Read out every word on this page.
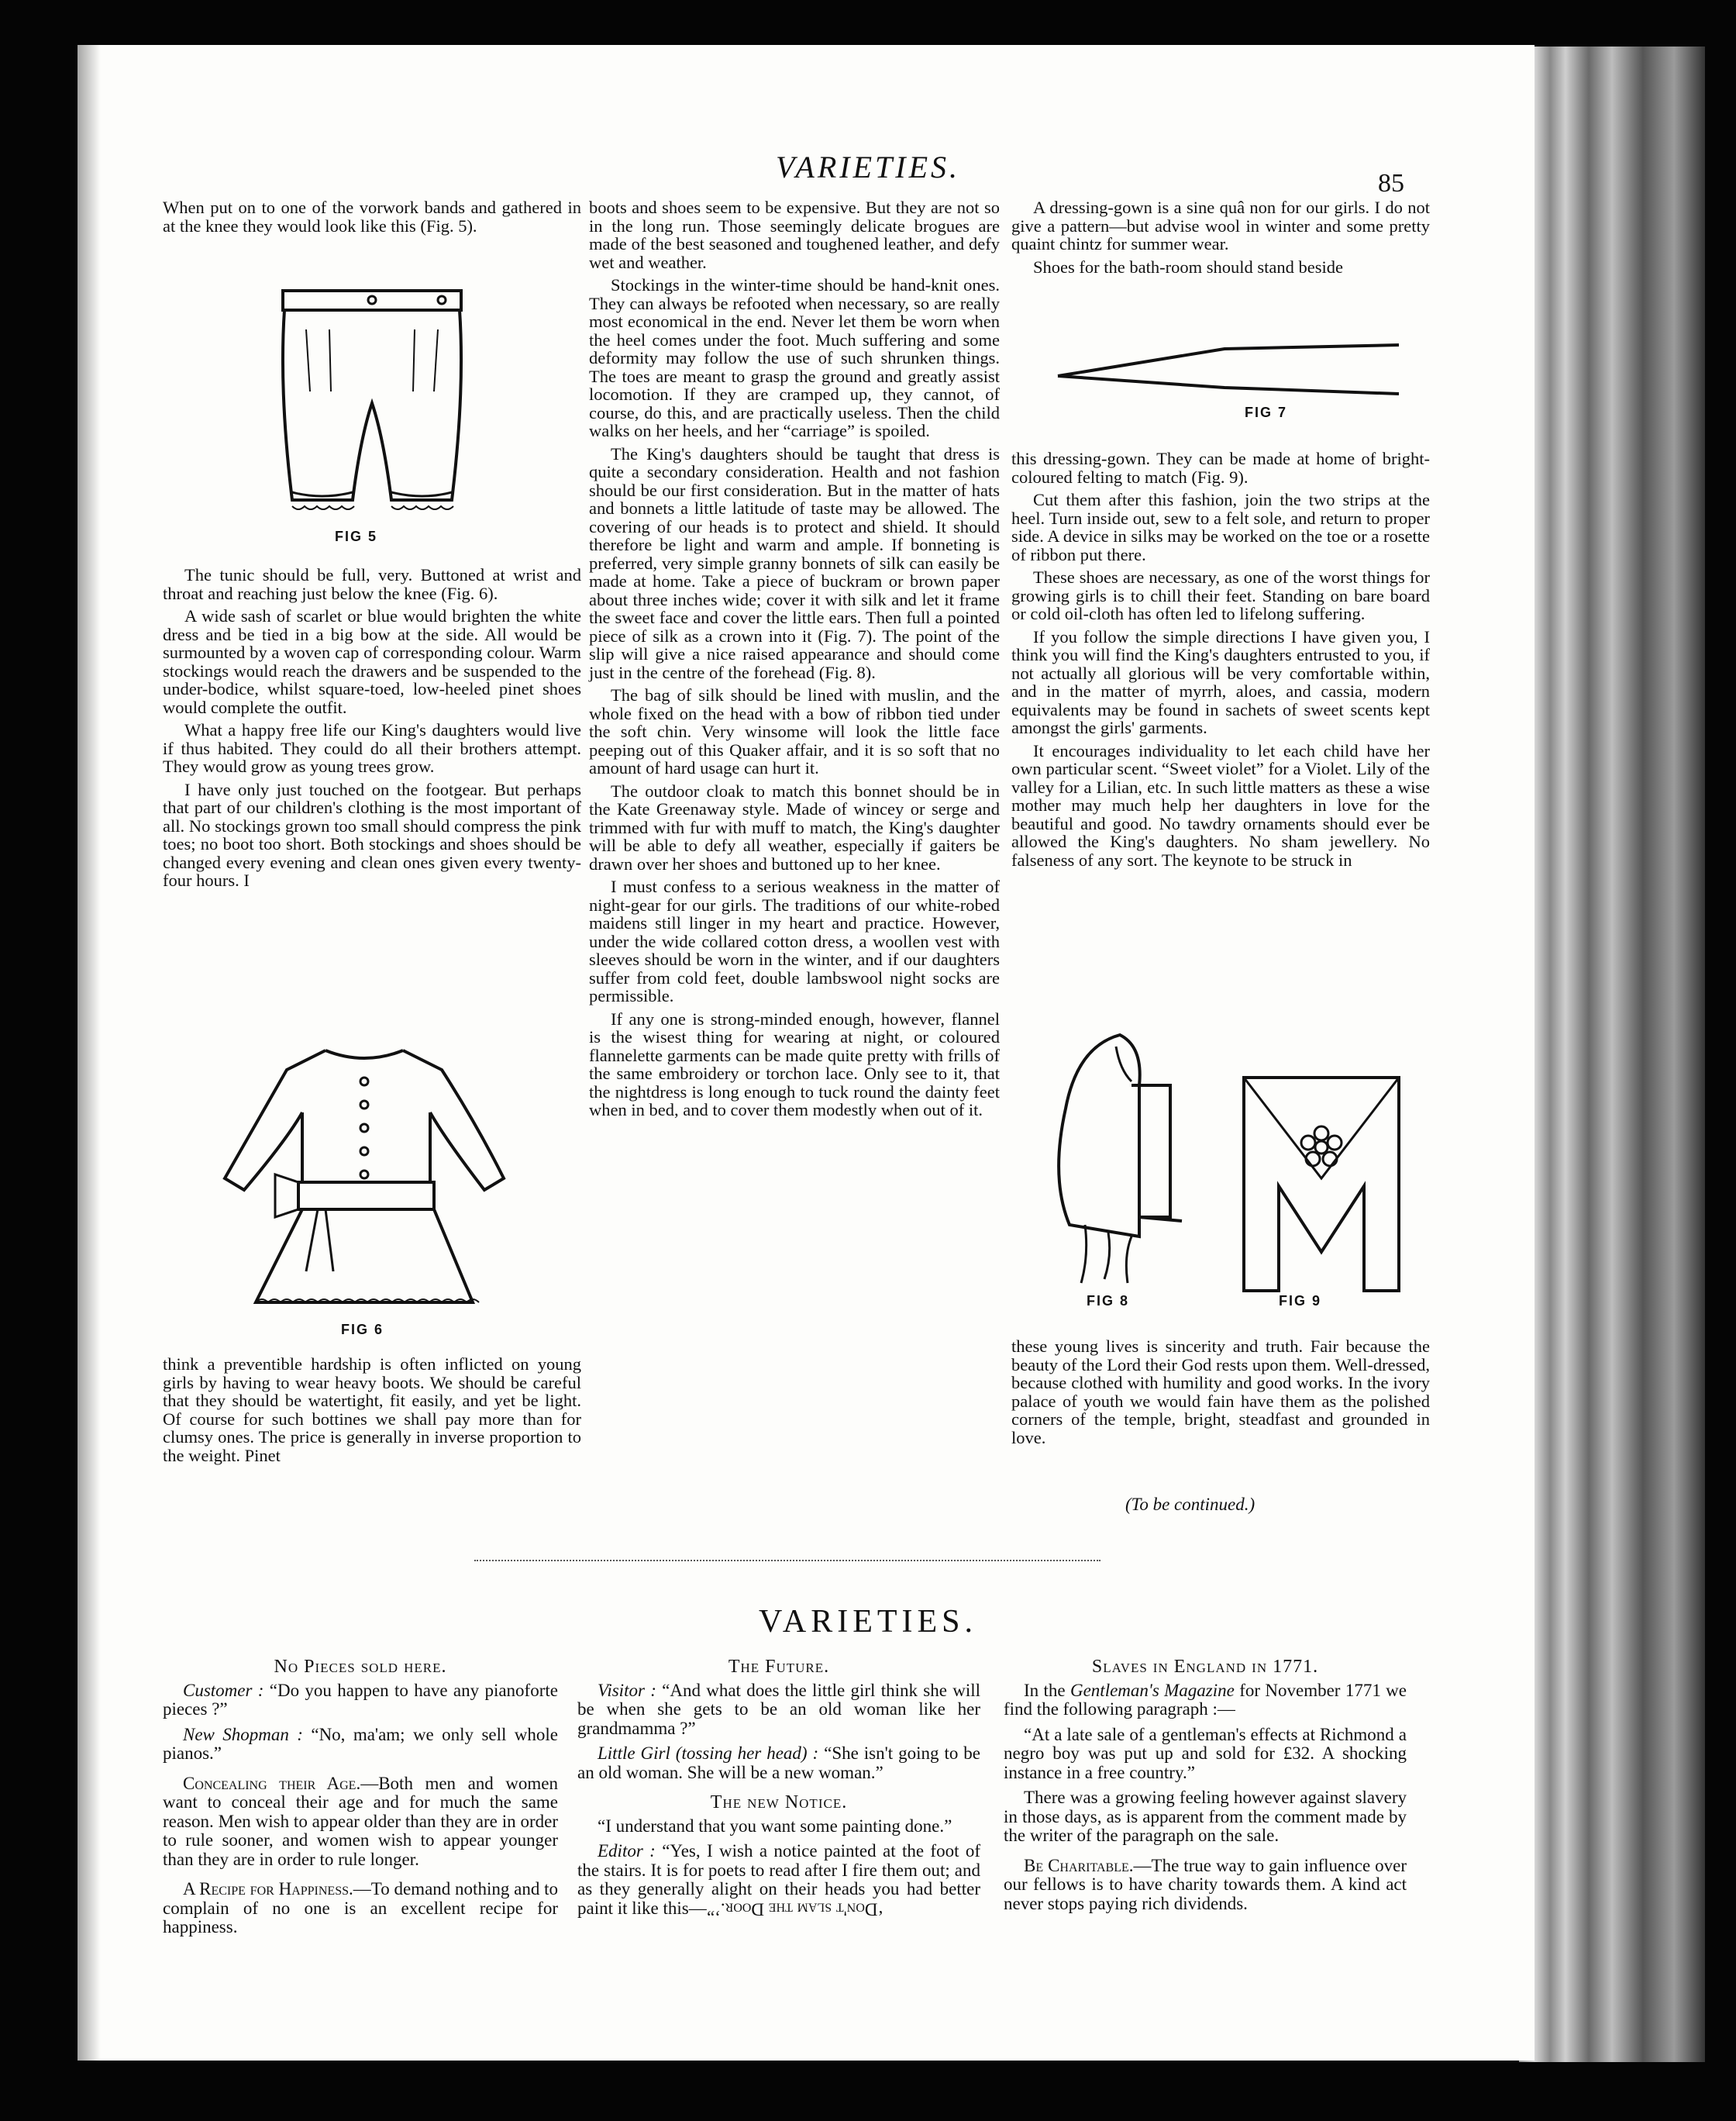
VARIETIES.	85

When put on to one of the vorwork bands and gathered in at the knee they would look like this (Fig. 5).

FIG 5

The tunic should be full, very. Buttoned at wrist and throat and reaching just below the knee (Fig. 6).

A wide sash of scarlet or blue would brighten the white dress and be tied in a big bow at the side. All would be surmounted by a woven cap of corresponding colour. Warm stockings would reach the drawers and be suspended to the under-bodice, whilst square-toed, low-heeled pinet shoes would complete the outfit.

What a happy free life our King's daughters would live if thus habited. They could do all their brothers attempt. They would grow as young trees grow.

I have only just touched on the footgear. But perhaps that part of our children's clothing is the most important of all. No stockings grown too small should compress the pink toes; no boot too short. Both stockings and shoes should be changed every evening and clean ones given every twenty-four hours. I

FIG 6

think a preventible hardship is often inflicted on young girls by having to wear heavy boots. We should be careful that they should be watertight, fit easily, and yet be light. Of course for such bottines we shall pay more than for clumsy ones. The price is generally in inverse proportion to the weight. Pinet

boots and shoes seem to be expensive. But they are not so in the long run. Those seemingly delicate brogues are made of the best seasoned and toughened leather, and defy wet and weather.

Stockings in the winter-time should be hand-knit ones. They can always be refooted when necessary, so are really most economical in the end. Never let them be worn when the heel comes under the foot. Much suffering and some deformity may follow the use of such shrunken things. The toes are meant to grasp the ground and greatly assist locomotion. If they are cramped up, they cannot, of course, do this, and are practically useless. Then the child walks on her heels, and her “carriage” is spoiled.

The King's daughters should be taught that dress is quite a secondary consideration. Health and not fashion should be our first consideration. But in the matter of hats and bonnets a little latitude of taste may be allowed. The covering of our heads is to protect and shield. It should therefore be light and warm and ample. If bonneting is preferred, very simple granny bonnets of silk can easily be made at home. Take a piece of buckram or brown paper about three inches wide; cover it with silk and let it frame the sweet face and cover the little ears. Then full a pointed piece of silk as a crown into it (Fig. 7). The point of the slip will give a nice raised appearance and should come just in the centre of the forehead (Fig. 8).

The bag of silk should be lined with muslin, and the whole fixed on the head with a bow of ribbon tied under the soft chin. Very winsome will look the little face peeping out of this Quaker affair, and it is so soft that no amount of hard usage can hurt it.

The outdoor cloak to match this bonnet should be in the Kate Greenaway style. Made of wincey or serge and trimmed with fur with muff to match, the King's daughter will be able to defy all weather, especially if gaiters be drawn over her shoes and buttoned up to her knee.

I must confess to a serious weakness in the matter of night-gear for our girls. The traditions of our white-robed maidens still linger in my heart and practice. However, under the wide collared cotton dress, a woollen vest with sleeves should be worn in the winter, and if our daughters suffer from cold feet, double lambswool night socks are permissible.

If any one is strong-minded enough, however, flannel is the wisest thing for wearing at night, or coloured flannelette garments can be made quite pretty with frills of the same embroidery or torchon lace. Only see to it, that the nightdress is long enough to tuck round the dainty feet when in bed, and to cover them modestly when out of it.

A dressing-gown is a sine quâ non for our girls. I do not give a pattern—but advise wool in winter and some pretty quaint chintz for summer wear.

Shoes for the bath-room should stand beside

FIG 7

this dressing-gown. They can be made at home of bright-coloured felting to match (Fig. 9).

Cut them after this fashion, join the two strips at the heel. Turn inside out, sew to a felt sole, and return to proper side. A device in silks may be worked on the toe or a rosette of ribbon put there.

These shoes are necessary, as one of the worst things for growing girls is to chill their feet. Standing on bare board or cold oil-cloth has often led to lifelong suffering.

If you follow the simple directions I have given you, I think you will find the King's daughters entrusted to you, if not actually all glorious will be very comfortable within, and in the matter of myrrh, aloes, and cassia, modern equivalents may be found in sachets of sweet scents kept amongst the girls' garments.

It encourages individuality to let each child have her own particular scent. “Sweet violet” for a Violet. Lily of the valley for a Lilian, etc. In such little matters as these a wise mother may much help her daughters in love for the beautiful and good. No tawdry ornaments should ever be allowed the King's daughters. No sham jewellery. No falseness of any sort. The keynote to be struck in

FIG 8	FIG 9

these young lives is sincerity and truth. Fair because the beauty of the Lord their God rests upon them. Well-dressed, because clothed with humility and good works. In the ivory palace of youth we would fain have them as the polished corners of the temple, bright, steadfast and grounded in love.

(To be continued.)
VARIETIES.
No Pieces sold here.

Customer : “Do you happen to have any pianoforte pieces ?”

New Shopman : “No, ma'am; we only sell whole pianos.”

Concealing their Age.—Both men and women want to conceal their age and for much the same reason. Men wish to appear older than they are in order to rule sooner, and women wish to appear younger than they are in order to rule longer.

A Recipe for Happiness.—To demand nothing and to complain of no one is an excellent recipe for happiness.

The Future.

Visitor : “And what does the little girl think she will be when she gets to be an old woman like her grandmamma ?”

Little Girl (tossing her head) : “She isn't going to be an old woman. She will be a new woman.”

The new Notice.

“I understand that you want some painting done.”

Editor : “Yes, I wish a notice painted at the foot of the stairs. It is for poets to read after I fire them out; and as they generally alight on their heads you had better paint it like this—‘Don't slam the Door.’”

Slaves in England in 1771.

In the Gentleman's Magazine for November 1771 we find the following paragraph :—

“At a late sale of a gentleman's effects at Richmond a negro boy was put up and sold for £32. A shocking instance in a free country.”

There was a growing feeling however against slavery in those days, as is apparent from the comment made by the writer of the paragraph on the sale.

Be Charitable.—The true way to gain influence over our fellows is to have charity towards them. A kind act never stops paying rich dividends.
